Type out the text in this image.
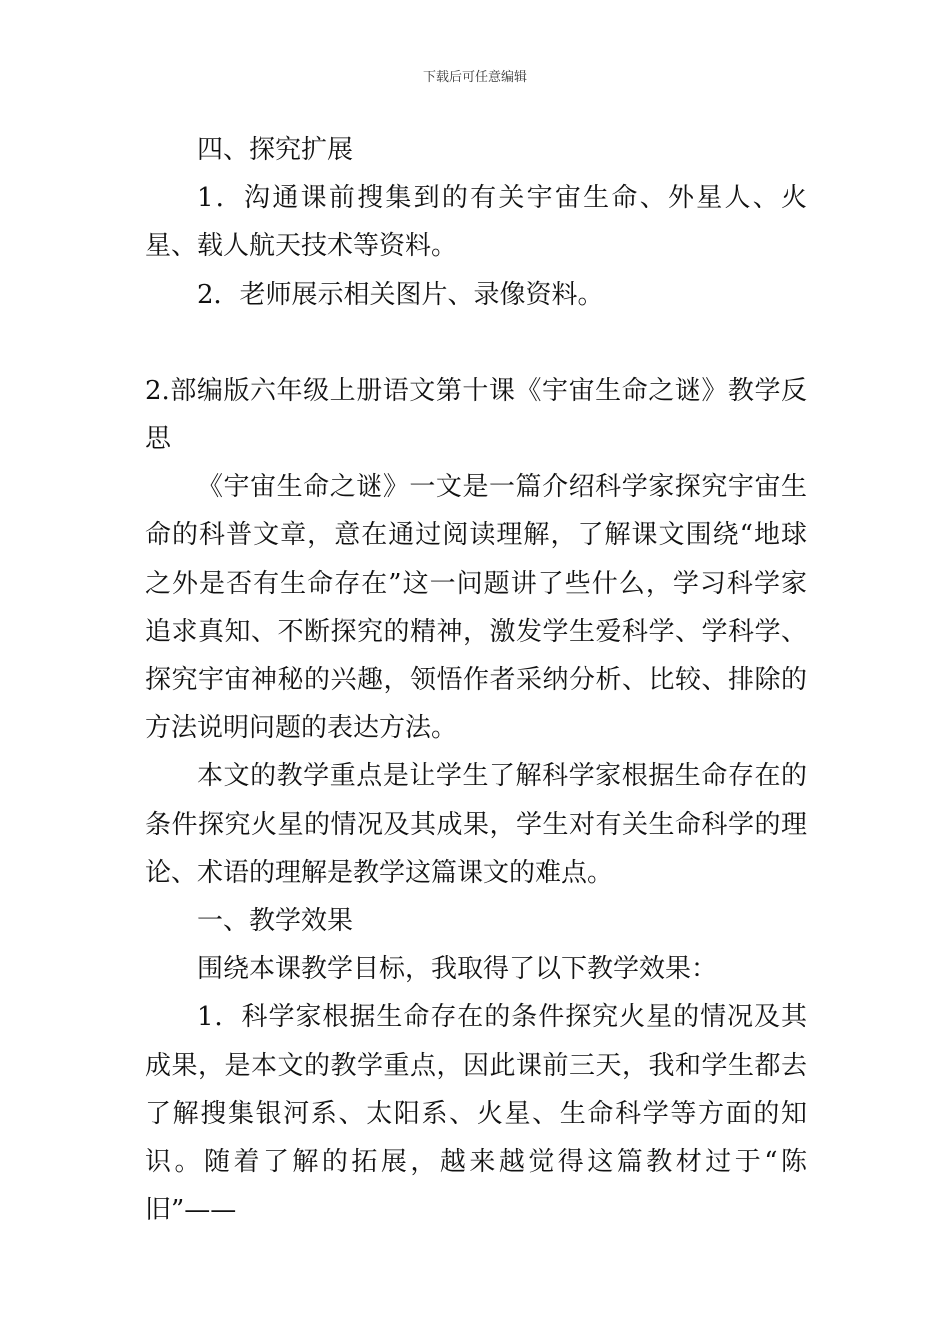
下载后可任意编辑

四、探究扩展

1．沟通课前搜集到的有关宇宙生命、外星人、火星、载人航天技术等资料。

2．老师展示相关图片、录像资料。

2.部编版六年级上册语文第十课《宇宙生命之谜》教学反思

《宇宙生命之谜》一文是一篇介绍科学家探究宇宙生命的科普文章，意在通过阅读理解，了解课文围绕“地球之外是否有生命存在”这一问题讲了些什么，学习科学家追求真知、不断探究的精神，激发学生爱科学、学科学、探究宇宙神秘的兴趣，领悟作者采纳分析、比较、排除的方法说明问题的表达方法。

本文的教学重点是让学生了解科学家根据生命存在的条件探究火星的情况及其成果，学生对有关生命科学的理论、术语的理解是教学这篇课文的难点。

一、教学效果

围绕本课教学目标，我取得了以下教学效果：

1．科学家根据生命存在的条件探究火星的情况及其成果，是本文的教学重点，因此课前三天，我和学生都去了解搜集银河系、太阳系、火星、生命科学等方面的知识。随着了解的拓展，越来越觉得这篇教材过于“陈旧”——
